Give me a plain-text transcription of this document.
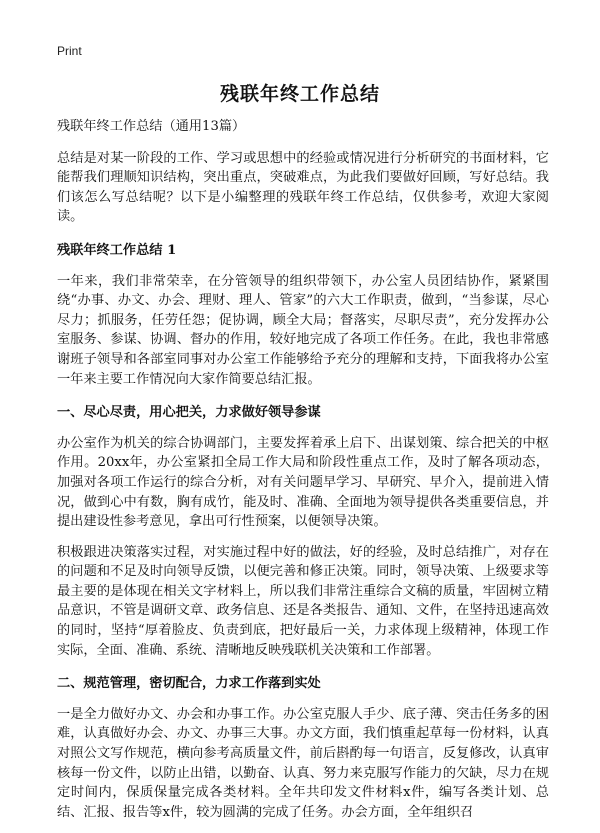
Print
残联年终工作总结

残联年终工作总结（通用13篇）

总结是对某一阶段的工作、学习或思想中的经验或情况进行分析研究的书面材料，它能帮我们理顺知识结构，突出重点，突破难点，为此我们要做好回顾，写好总结。我们该怎么写总结呢？以下是小编整理的残联年终工作总结，仅供参考，欢迎大家阅读。

残联年终工作总结 1

一年来，我们非常荣幸，在分管领导的组织带领下，办公室人员团结协作，紧紧围绕“办事、办文、办会、理财、理人、管家”的六大工作职责，做到，“当参谋，尽心尽力；抓服务，任劳任怨；促协调，顾全大局；督落实，尽职尽责”，充分发挥办公室服务、参谋、协调、督办的作用，较好地完成了各项工作任务。在此，我也非常感谢班子领导和各部室同事对办公室工作能够给予充分的理解和支持，下面我将办公室一年来主要工作情况向大家作简要总结汇报。

一、尽心尽责，用心把关，力求做好领导参谋

办公室作为机关的综合协调部门，主要发挥着承上启下、出谋划策、综合把关的中枢作用。20xx年，办公室紧扣全局工作大局和阶段性重点工作，及时了解各项动态，加强对各项工作运行的综合分析，对有关问题早学习、早研究、早介入，提前进入情况，做到心中有数，胸有成竹，能及时、准确、全面地为领导提供各类重要信息，并提出建设性参考意见，拿出可行性预案，以便领导决策。

积极跟进决策落实过程，对实施过程中好的做法，好的经验，及时总结推广，对存在的问题和不足及时向领导反馈，以便完善和修正决策。同时，领导决策、上级要求等最主要的是体现在相关文字材料上，所以我们非常注重综合文稿的质量，牢固树立精品意识，不管是调研文章、政务信息、还是各类报告、通知、文件，在坚持迅速高效的同时，坚持“厚着脸皮、负责到底，把好最后一关，力求体现上级精神，体现工作实际，全面、准确、系统、清晰地反映残联机关决策和工作部署。

二、规范管理，密切配合，力求工作落到实处

一是全力做好办文、办会和办事工作。办公室克服人手少、底子薄、突击任务多的困难，认真做好办会、办文、办事三大事。办文方面，我们慎重起草每一份材料，认真对照公文写作规范，横向参考高质量文件，前后斟酌每一句语言，反复修改，认真审核每一份文件，以防止出错，以勤奋、认真、努力来克服写作能力的欠缺，尽力在规定时间内，保质保量完成各类材料。全年共印发文件材料x件，编写各类计划、总结、汇报、报告等x件，较为圆满的完成了任务。办会方面，全年组织召
